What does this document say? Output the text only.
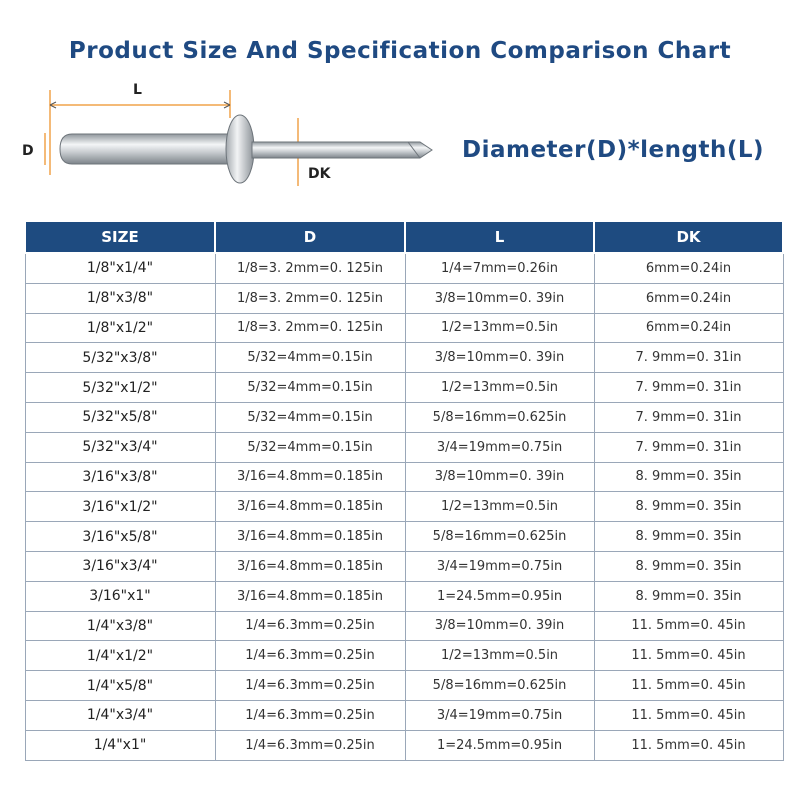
Product Size And Specification Comparison Chart
L
D
DK
Diameter(D)*length(L)
SIZE	D	L	DK
1/8"x1/4"	1/8=3. 2mm=0. 125in	1/4=7mm=0.26in	6mm=0.24in
1/8"x3/8"	1/8=3. 2mm=0. 125in	3/8=10mm=0. 39in	6mm=0.24in
1/8"x1/2"	1/8=3. 2mm=0. 125in	1/2=13mm=0.5in	6mm=0.24in
5/32"x3/8"	5/32=4mm=0.15in	3/8=10mm=0. 39in	7. 9mm=0. 31in
5/32"x1/2"	5/32=4mm=0.15in	1/2=13mm=0.5in	7. 9mm=0. 31in
5/32"x5/8"	5/32=4mm=0.15in	5/8=16mm=0.625in	7. 9mm=0. 31in
5/32"x3/4"	5/32=4mm=0.15in	3/4=19mm=0.75in	7. 9mm=0. 31in
3/16"x3/8"	3/16=4.8mm=0.185in	3/8=10mm=0. 39in	8. 9mm=0. 35in
3/16"x1/2"	3/16=4.8mm=0.185in	1/2=13mm=0.5in	8. 9mm=0. 35in
3/16"x5/8"	3/16=4.8mm=0.185in	5/8=16mm=0.625in	8. 9mm=0. 35in
3/16"x3/4"	3/16=4.8mm=0.185in	3/4=19mm=0.75in	8. 9mm=0. 35in
3/16"x1"	3/16=4.8mm=0.185in	1=24.5mm=0.95in	8. 9mm=0. 35in
1/4"x3/8"	1/4=6.3mm=0.25in	3/8=10mm=0. 39in	11. 5mm=0. 45in
1/4"x1/2"	1/4=6.3mm=0.25in	1/2=13mm=0.5in	11. 5mm=0. 45in
1/4"x5/8"	1/4=6.3mm=0.25in	5/8=16mm=0.625in	11. 5mm=0. 45in
1/4"x3/4"	1/4=6.3mm=0.25in	3/4=19mm=0.75in	11. 5mm=0. 45in
1/4"x1"	1/4=6.3mm=0.25in	1=24.5mm=0.95in	11. 5mm=0. 45in
